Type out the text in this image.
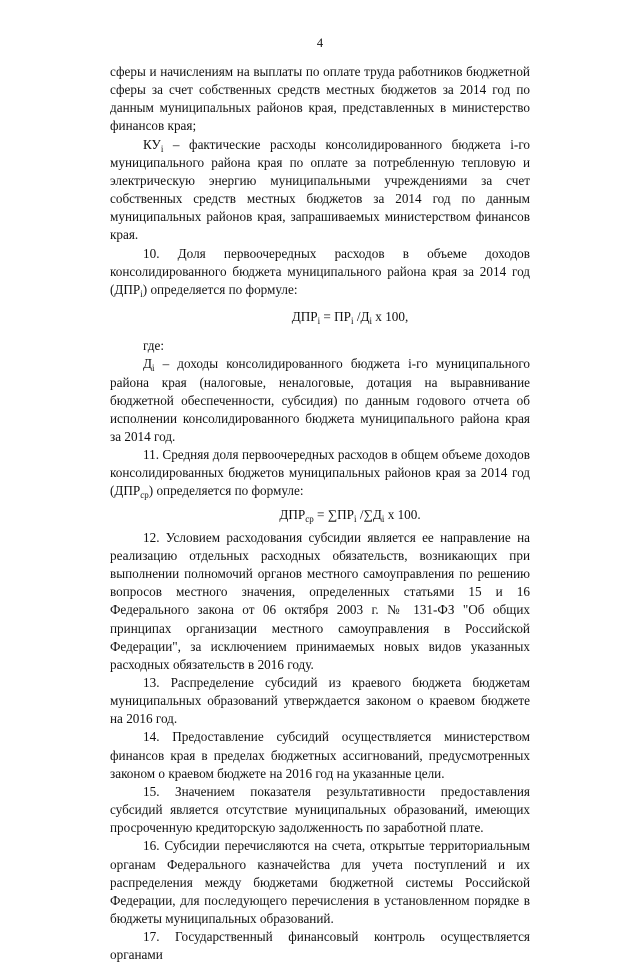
4

сферы и начислениям на выплаты по оплате труда работников бюджетной сферы за счет собственных средств местных бюджетов за 2014 год по данным муниципальных районов края, представленных в министерство финансов края;

$КУ_i$ – фактические расходы консолидированного бюджета i-го муниципального района края по оплате за потребленную тепловую и электрическую энергию муниципальными учреждениями за счет собственных средств местных бюджетов за 2014 год по данным муниципальных районов края, запрашиваемых министерством финансов края.

10. Доля первоочередных расходов в объеме доходов консолидированного бюджета муниципального района края за 2014 год $(ДПР_i)$ определяется по формуле:

$ДПР_i = ПР_i$ $/Д_i$ х 100,

где:

$Д_i$ – доходы консолидированного бюджета i-го муниципального района края (налоговые, неналоговые, дотация на выравнивание бюджетной обеспеченности, субсидия) по данным годового отчета об исполнении консолидированного бюджета муниципального района края за 2014 год.

11. Средняя доля первоочередных расходов в общем объеме доходов консолидированных бюджетов муниципальных районов края за 2014 год $(ДПР_{ср})$ определяется по формуле:

$ДПР_{ср} = \sum ПР_i$ $/\sum Д_i$ х 100.

12. Условием расходования субсидии является ее направление на реализацию отдельных расходных обязательств, возникающих при выполнении полномочий органов местного самоуправления по решению вопросов местного значения, определенных статьями 15 и 16 Федерального закона от 06 октября 2003 г. № 131-ФЗ "Об общих принципах организации местного самоуправления в Российской Федерации", за исключением принимаемых новых видов указанных расходных обязательств в 2016 году.

13. Распределение субсидий из краевого бюджета бюджетам муниципальных образований утверждается законом о краевом бюджете на 2016 год.

14. Предоставление субсидий осуществляется министерством финансов края в пределах бюджетных ассигнований, предусмотренных законом о краевом бюджете на 2016 год на указанные цели.

15. Значением показателя результативности предоставления субсидий является отсутствие муниципальных образований, имеющих просроченную кредиторскую задолженность по заработной плате.

16. Субсидии перечисляются на счета, открытые территориальным органам Федерального казначейства для учета поступлений и их распределения между бюджетами бюджетной системы Российской Федерации, для последующего перечисления в установленном порядке в бюджеты муниципальных образований.

17. Государственный финансовый контроль осуществляется органами
